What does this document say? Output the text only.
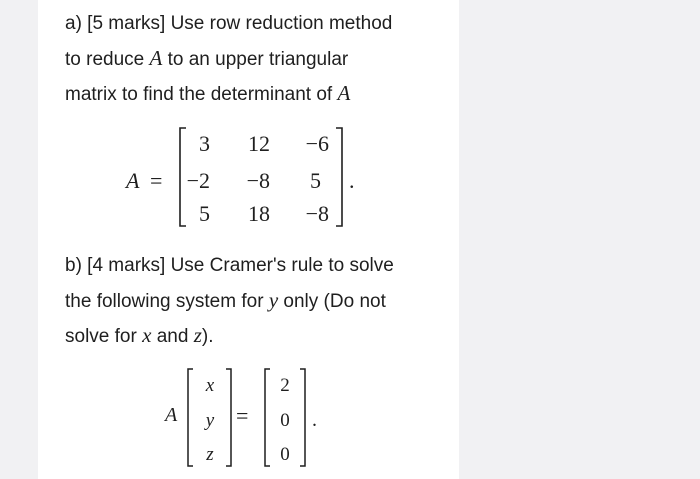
a) [5 marks] Use row reduction method
to reduce A to an upper triangular
matrix to find the determinant of A
A =
3 12 −6
−2 −8 5
5 18 −8
.
b) [4 marks] Use Cramer's rule to solve
the following system for y only (Do not
solve for x and z).
A
x
y
z
=
2
0
0
.
